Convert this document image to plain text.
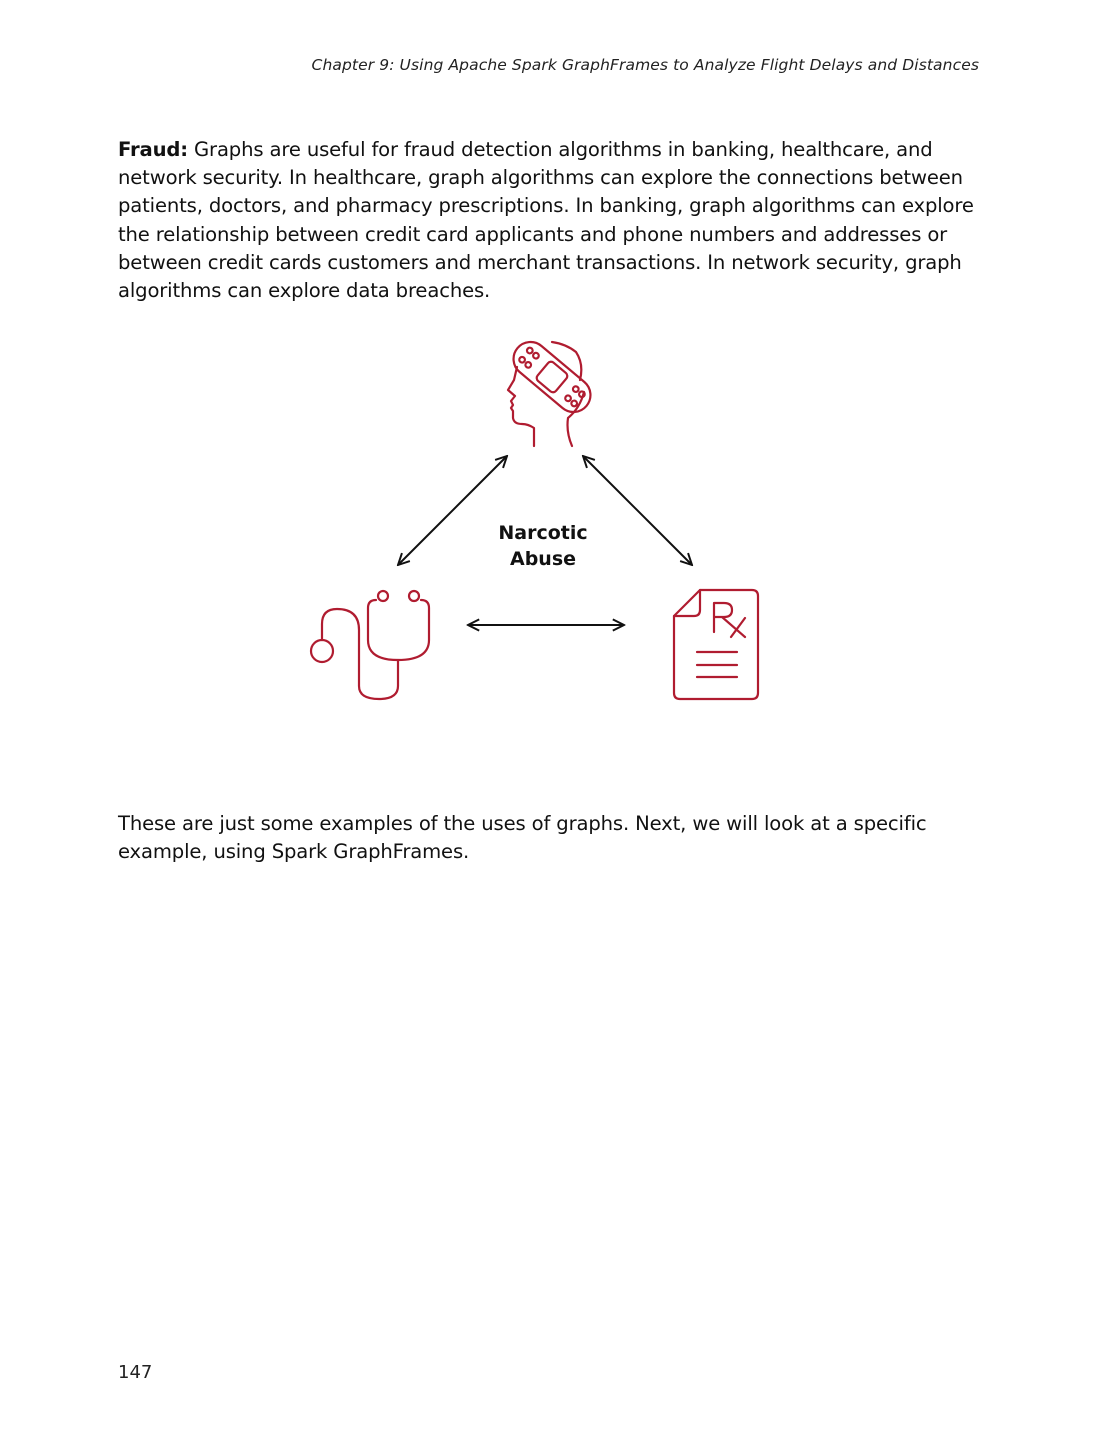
Chapter 9: Using Apache Spark GraphFrames to Analyze Flight Delays and Distances
Fraud: Graphs are useful for fraud detection algorithms in banking, healthcare, and network security. In healthcare, graph algorithms can explore the connections between patients, doctors, and pharmacy prescriptions. In banking, graph algorithms can explore the relationship between credit card applicants and phone numbers and addresses or between credit cards customers and merchant transactions. In network security, graph algorithms can explore data breaches.
Narcotic
Abuse
These are just some examples of the uses of graphs. Next, we will look at a specific example, using Spark GraphFrames.
147
